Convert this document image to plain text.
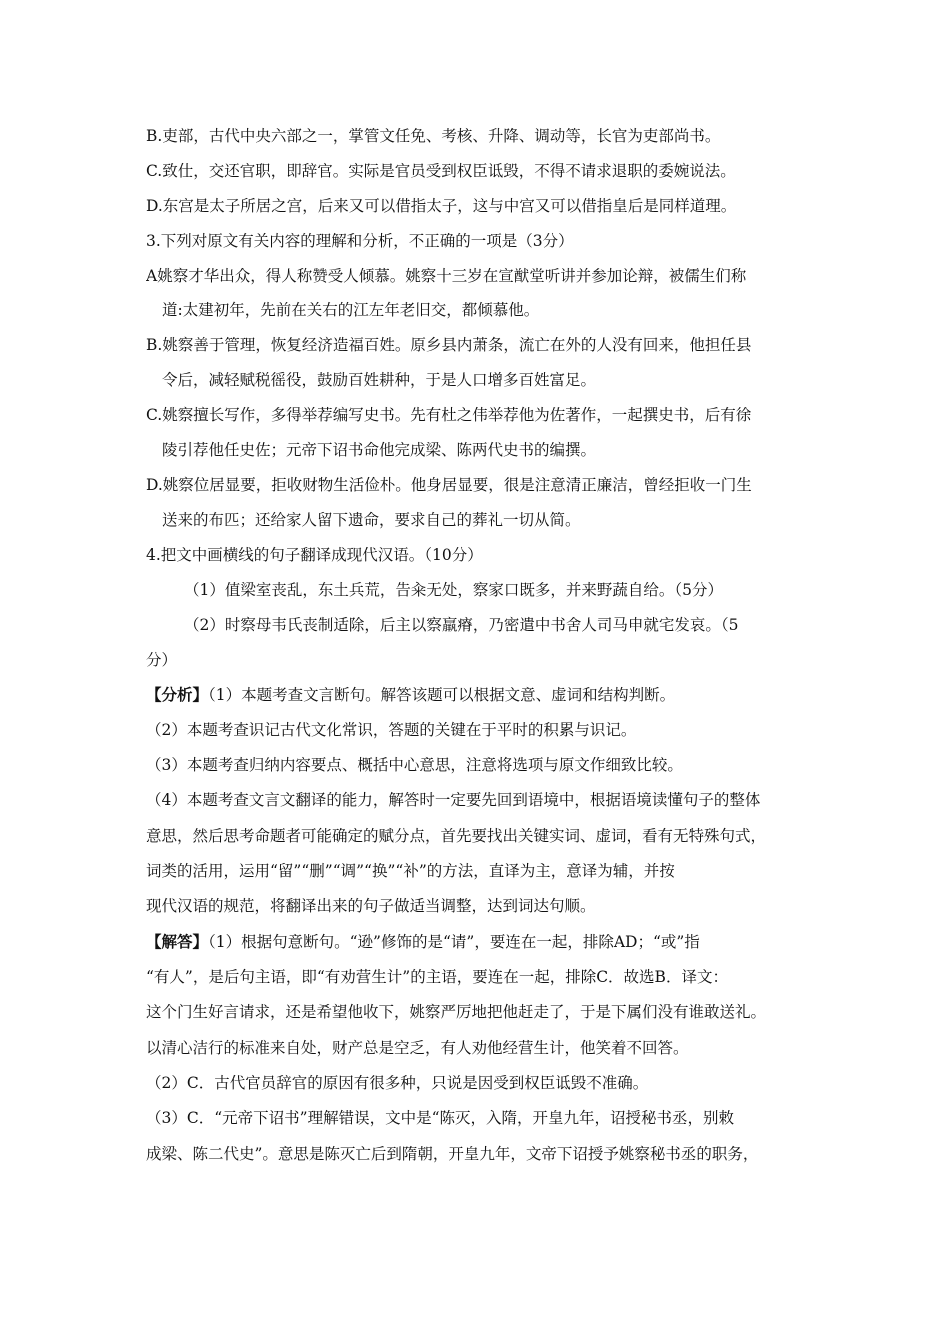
B.吏部，古代中央六部之一，掌管文任免、考核、升降、调动等，长官为吏部尚书。
C.致仕，交还官职，即辞官。实际是官员受到权臣诋毁，不得不请求退职的委婉说法。
D.东宫是太子所居之宫，后来又可以借指太子，这与中宫又可以借指皇后是同样道理。
3.下列对原文有关内容的理解和分析，不正确的一项是（3分）
A姚察才华出众，得人称赞受人倾慕。姚察十三岁在宣猷堂听讲并参加论辩，被儒生们称
道:太建初年，先前在关右的江左年老旧交，都倾慕他。
B.姚察善于管理，恢复经济造福百姓。原乡县内萧条，流亡在外的人没有回来，他担任县
令后，减轻赋税徭役，鼓励百姓耕种，于是人口增多百姓富足。
C.姚察擅长写作，多得举荐编写史书。先有杜之伟举荐他为佐著作，一起撰史书，后有徐
陵引荐他任史佐；元帝下诏书命他完成梁、陈两代史书的编撰。
D.姚察位居显要，拒收财物生活俭朴。他身居显要，很是注意清正廉洁，曾经拒收一门生
送来的布匹；还给家人留下遗命，要求自己的葬礼一切从简。
4.把文中画横线的句子翻译成现代汉语。（10分）
（1）值梁室丧乱，东土兵荒，告籴无处，察家口既多，并来野蔬自给。（5分）
（2）时察母韦氏丧制适除，后主以察羸瘠，乃密遣中书舍人司马申就宅发哀。（5
分）
【分析】（1）本题考查文言断句。解答该题可以根据文意、虚词和结构判断。
（2）本题考查识记古代文化常识，答题的关键在于平时的积累与识记。
（3）本题考查归纳内容要点、概括中心意思，注意将选项与原文作细致比较。
（4）本题考查文言文翻译的能力，解答时一定要先回到语境中，根据语境读懂句子的整体
意思，然后思考命题者可能确定的赋分点，首先要找出关键实词、虚词，看有无特殊句式，
词类的活用，运用“留”“删”“调”“换”“补”的方法，直译为主，意译为辅，并按
现代汉语的规范，将翻译出来的句子做适当调整，达到词达句顺。
【解答】（1）根据句意断句。“逊”修饰的是“请”，要连在一起，排除AD；“或”指
“有人”，是后句主语，即“有劝营生计”的主语，要连在一起，排除C．故选B．译文：
这个门生好言请求，还是希望他收下，姚察严厉地把他赶走了，于是下属们没有谁敢送礼。
以清心洁行的标准来自处，财产总是空乏，有人劝他经营生计，他笑着不回答。
（2）C．古代官员辞官的原因有很多种，只说是因受到权臣诋毁不准确。
（3）C．“元帝下诏书”理解错误，文中是“陈灭，入隋，开皇九年，诏授秘书丞，别敕
成梁、陈二代史”。意思是陈灭亡后到隋朝，开皇九年，文帝下诏授予姚察秘书丞的职务，
